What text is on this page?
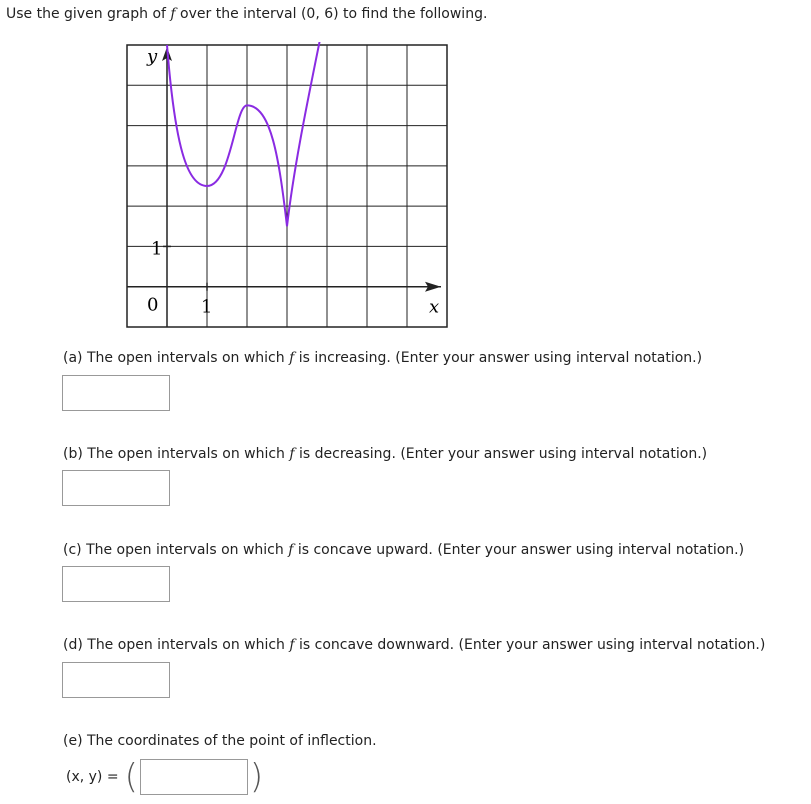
Use the given graph of f over the interval (0, 6) to find the following.

y
x
0 1
1

(a) The open intervals on which f is increasing. (Enter your answer using interval notation.)

(b) The open intervals on which f is decreasing. (Enter your answer using interval notation.)

(c) The open intervals on which f is concave upward. (Enter your answer using interval notation.)

(d) The open intervals on which f is concave downward. (Enter your answer using interval notation.)

(e) The coordinates of the point of inflection.

(x, y) = (	)
